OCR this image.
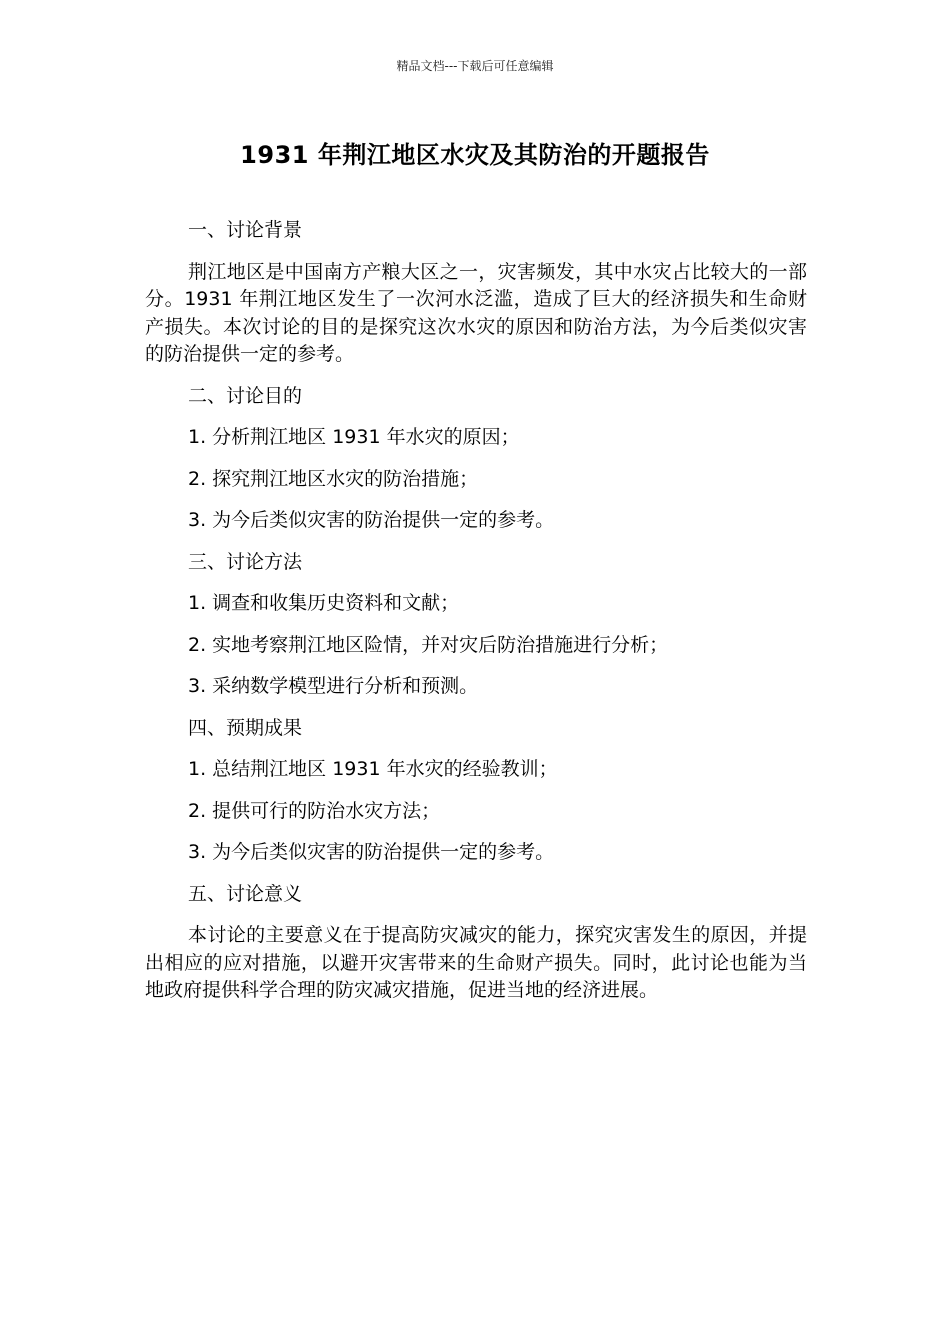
精品文档---下载后可任意编辑
1931 年荆江地区水灾及其防治的开题报告

一、讨论背景

荆江地区是中国南方产粮大区之一，灾害频发，其中水灾占比较大的一部分。1931 年荆江地区发生了一次河水泛滥，造成了巨大的经济损失和生命财产损失。本次讨论的目的是探究这次水灾的原因和防治方法，为今后类似灾害的防治提供一定的参考。

二、讨论目的

1. 分析荆江地区 1931 年水灾的原因；

2. 探究荆江地区水灾的防治措施；

3. 为今后类似灾害的防治提供一定的参考。

三、讨论方法

1. 调查和收集历史资料和文献；

2. 实地考察荆江地区险情，并对灾后防治措施进行分析；

3. 采纳数学模型进行分析和预测。

四、预期成果

1. 总结荆江地区 1931 年水灾的经验教训；

2. 提供可行的防治水灾方法；

3. 为今后类似灾害的防治提供一定的参考。

五、讨论意义

本讨论的主要意义在于提高防灾减灾的能力，探究灾害发生的原因，并提出相应的应对措施，以避开灾害带来的生命财产损失。同时，此讨论也能为当地政府提供科学合理的防灾减灾措施，促进当地的经济进展。
